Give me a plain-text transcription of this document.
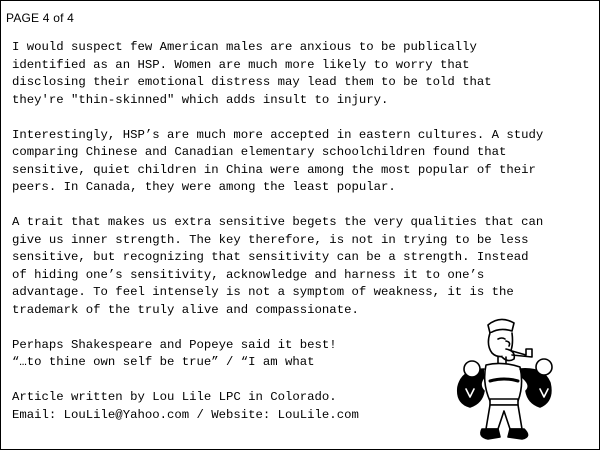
PAGE 4 of 4

I would suspect few American males are anxious to be publically
identified as an HSP. Women are much more likely to worry that
disclosing their emotional distress may lead them to be told that
they're "thin-skinned" which adds insult to injury.

Interestingly, HSP’s are much more accepted in eastern cultures. A study
comparing Chinese and Canadian elementary schoolchildren found that
sensitive, quiet children in China were among the most popular of their
peers. In Canada, they were among the least popular.

A trait that makes us extra sensitive begets the very qualities that can
give us inner strength. The key therefore, is not in trying to be less
sensitive, but recognizing that sensitivity can be a strength. Instead
of hiding one’s sensitivity, acknowledge and harness it to one’s
advantage. To feel intensely is not a symptom of weakness, it is the
trademark of the truly alive and compassionate.

Perhaps Shakespeare and Popeye said it best!
“…to thine own self be true” / “I am what

Article written by Lou Lile LPC in Colorado.
Email: LouLile@Yahoo.com / Website: LouLile.com
